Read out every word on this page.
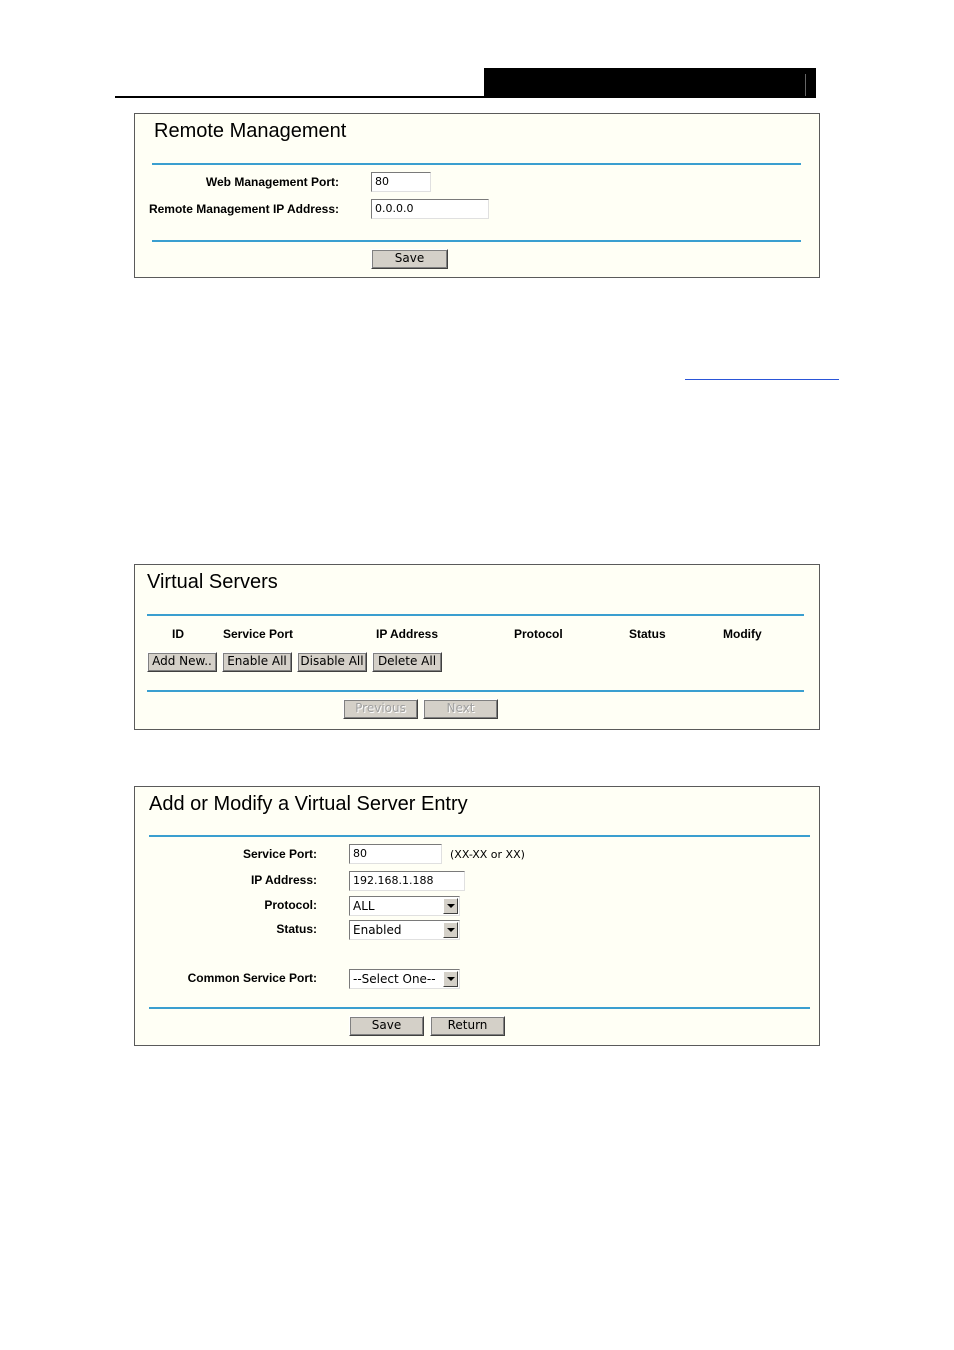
Remote Management
Web Management Port:	80
Remote Management IP Address:	0.0.0.0
Save
Virtual Servers
ID	Service Port	IP Address	Protocol	Status	Modify
Add New..	Enable All	Disable All	Delete All
Previous	Next
Add or Modify a Virtual Server Entry
Service Port:	80	(XX-XX or XX)
IP Address:	192.168.1.188
Protocol:	ALL
Status:	Enabled
Common Service Port:	--Select One--
Save	Return
